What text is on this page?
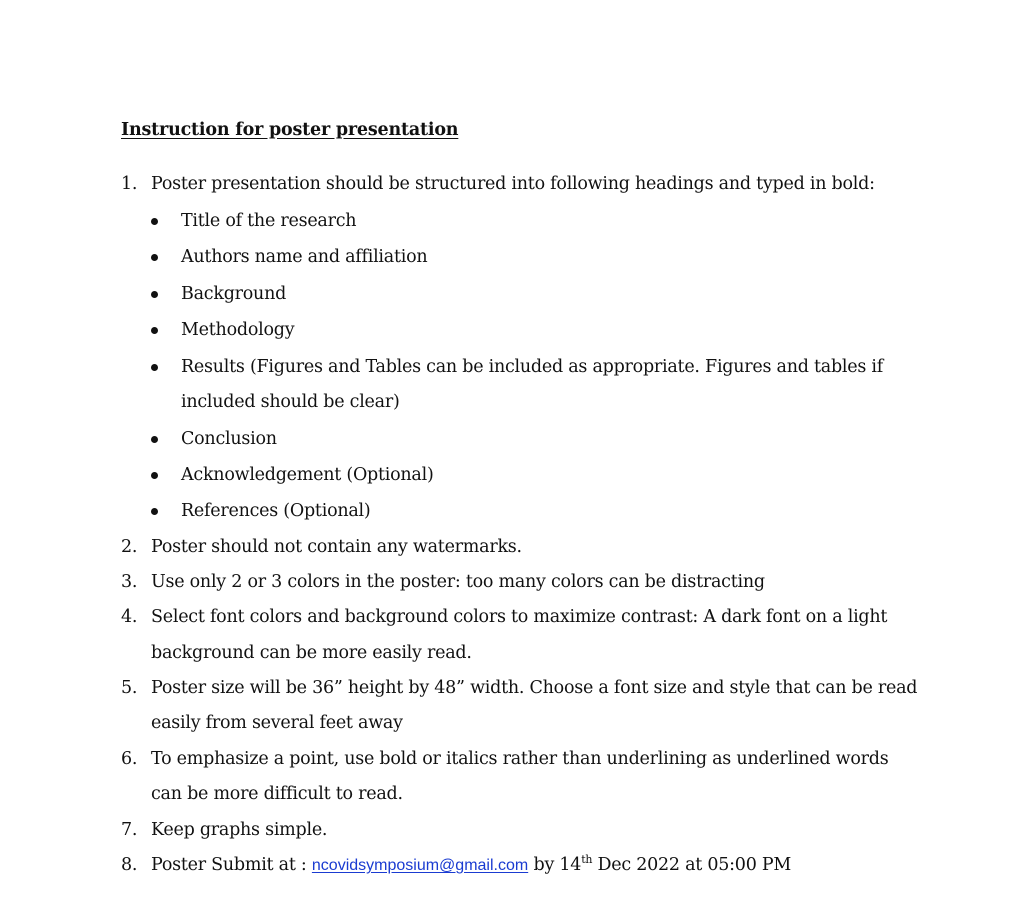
Instruction for poster presentation
1. Poster presentation should be structured into following headings and typed in bold:
Title of the research
Authors name and affiliation
Background
Methodology
Results (Figures and Tables can be included as appropriate. Figures and tables if
included should be clear)
Conclusion
Acknowledgement (Optional)
References (Optional)
2. Poster should not contain any watermarks.
3. Use only 2 or 3 colors in the poster: too many colors can be distracting
4. Select font colors and background colors to maximize contrast: A dark font on a light
background can be more easily read.
5. Poster size will be 36” height by 48” width. Choose a font size and style that can be read
easily from several feet away
6. To emphasize a point, use bold or italics rather than underlining as underlined words
can be more difficult to read.
7. Keep graphs simple.
8. Poster Submit at : ncovidsymposium@gmail.com by 14th Dec 2022 at 05:00 PM
